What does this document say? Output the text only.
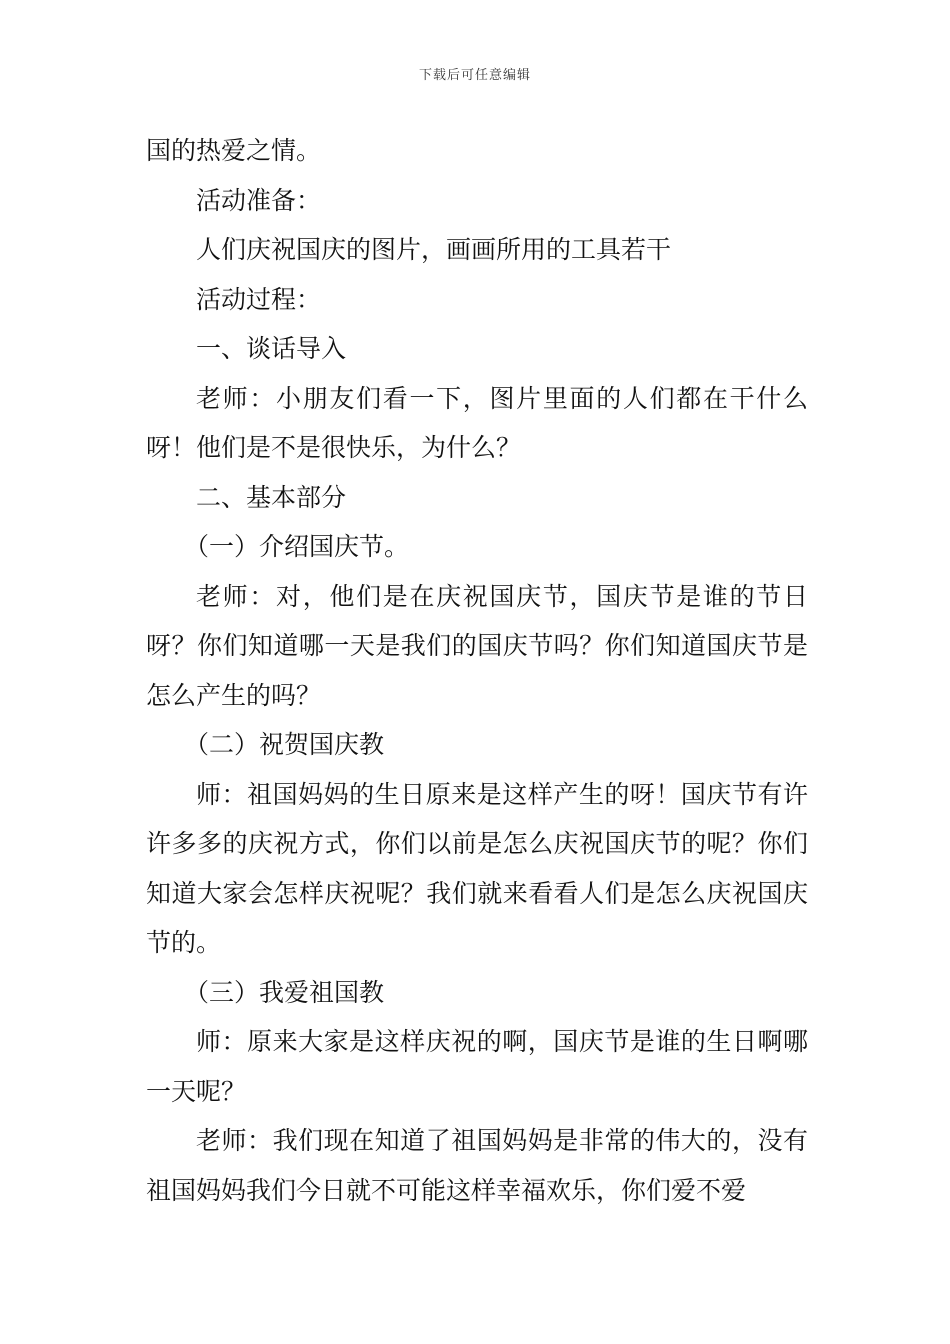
下载后可任意编辑

国的热爱之情。

活动准备：

人们庆祝国庆的图片，画画所用的工具若干

活动过程：

一、谈话导入

老师：小朋友们看一下，图片里面的人们都在干什么呀！他们是不是很快乐，为什么？

二、基本部分

（一）介绍国庆节。

老师：对，他们是在庆祝国庆节，国庆节是谁的节日呀？你们知道哪一天是我们的国庆节吗？你们知道国庆节是怎么产生的吗？

（二）祝贺国庆教

师：祖国妈妈的生日原来是这样产生的呀！国庆节有许许多多的庆祝方式，你们以前是怎么庆祝国庆节的呢？你们知道大家会怎样庆祝呢？我们就来看看人们是怎么庆祝国庆节的。

（三）我爱祖国教

师：原来大家是这样庆祝的啊，国庆节是谁的生日啊哪一天呢？

老师：我们现在知道了祖国妈妈是非常的伟大的，没有祖国妈妈我们今日就不可能这样幸福欢乐，你们爱不爱
